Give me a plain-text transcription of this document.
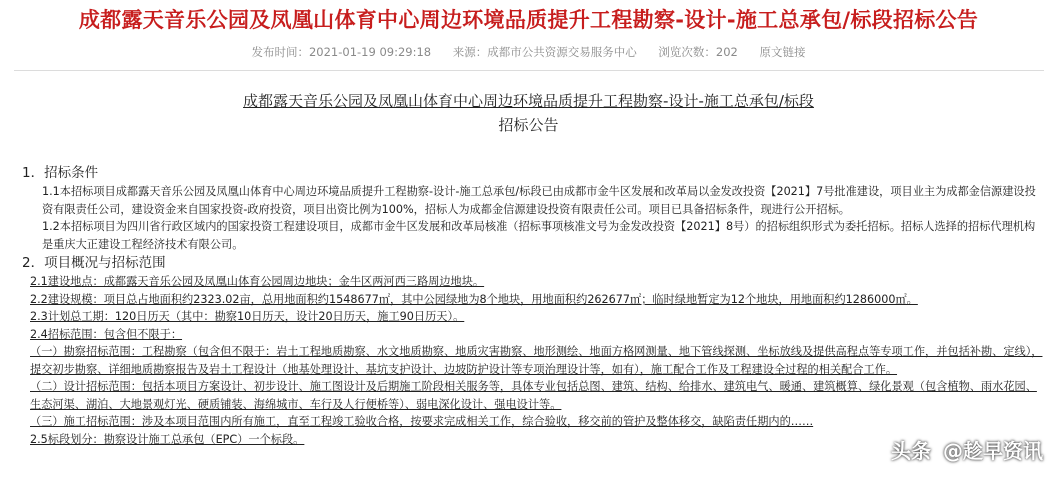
成都露天音乐公园及凤凰山体育中心周边环境品质提升工程勘察-设计-施工总承包/标段招标公告
发布时间：2021-01-19 09:29:18 来源：成都市公共资源交易服务中心 浏览次数：202 原文链接
成都露天音乐公园及凤凰山体育中心周边环境品质提升工程勘察-设计-施工总承包/标段
招标公告
1．招标条件
1.1本招标项目成都露天音乐公园及凤凰山体育中心周边环境品质提升工程勘察-设计-施工总承包/标段已由成都市金牛区发展和改革局以金发改投资【2021】7号批准建设，项目业主为成都金信源建设投资有限责任公司，建设资金来自国家投资-政府投资，项目出资比例为100%，招标人为成都金信源建设投资有限责任公司。项目已具备招标条件，现进行公开招标。
1.2本招标项目为四川省行政区域内的国家投资工程建设项目，成都市金牛区发展和改革局核准（招标事项核准文号为金发改投资【2021】8号）的招标组织形式为委托招标。招标人选择的招标代理机构是重庆大正建设工程经济技术有限公司。
2．项目概况与招标范围
2.1建设地点：成都露天音乐公园及凤凰山体育公园周边地块；金牛区两河西三路周边地块。
2.2建设规模：项目总占地面积约2323.02亩，总用地面积约1548677㎡，其中公园绿地为8个地块，用地面积约262677㎡；临时绿地暂定为12个地块，用地面积约1286000㎡。
2.3计划总工期：120日历天（其中：勘察10日历天，设计20日历天，施工90日历天）。
2.4招标范围：包含但不限于：
（一）勘察招标范围：工程勘察（包含但不限于：岩土工程地质勘察、水文地质勘察、地质灾害勘察、地形测绘、地面方格网测量、地下管线探测、坐标放线及提供高程点等专项工作，并包括补勘、定线），提交初步勘察、详细地质勘察报告及岩土工程设计（地基处理设计、基坑支护设计、边坡防护设计等专项治理设计等，如有），施工配合工作及工程建设全过程的相关配合工作。
（二）设计招标范围：包括本项目方案设计、初步设计、施工图设计及后期施工阶段相关服务等，具体专业包括总图、建筑、结构、给排水、建筑电气、暖通、建筑概算、绿化景观（包含植物、雨水花园、生态河渠、湖泊、大地景观灯光、硬质铺装、海绵城市、车行及人行便桥等）、弱电深化设计、强电设计等。
（三）施工招标范围：涉及本项目范围内所有施工，直至工程竣工验收合格，按要求完成相关工作，综合验收，移交前的管护及整体移交，缺陷责任期内的……
2.5标段划分：勘察设计施工总承包（EPC）一个标段。	头条 @趁早资讯
